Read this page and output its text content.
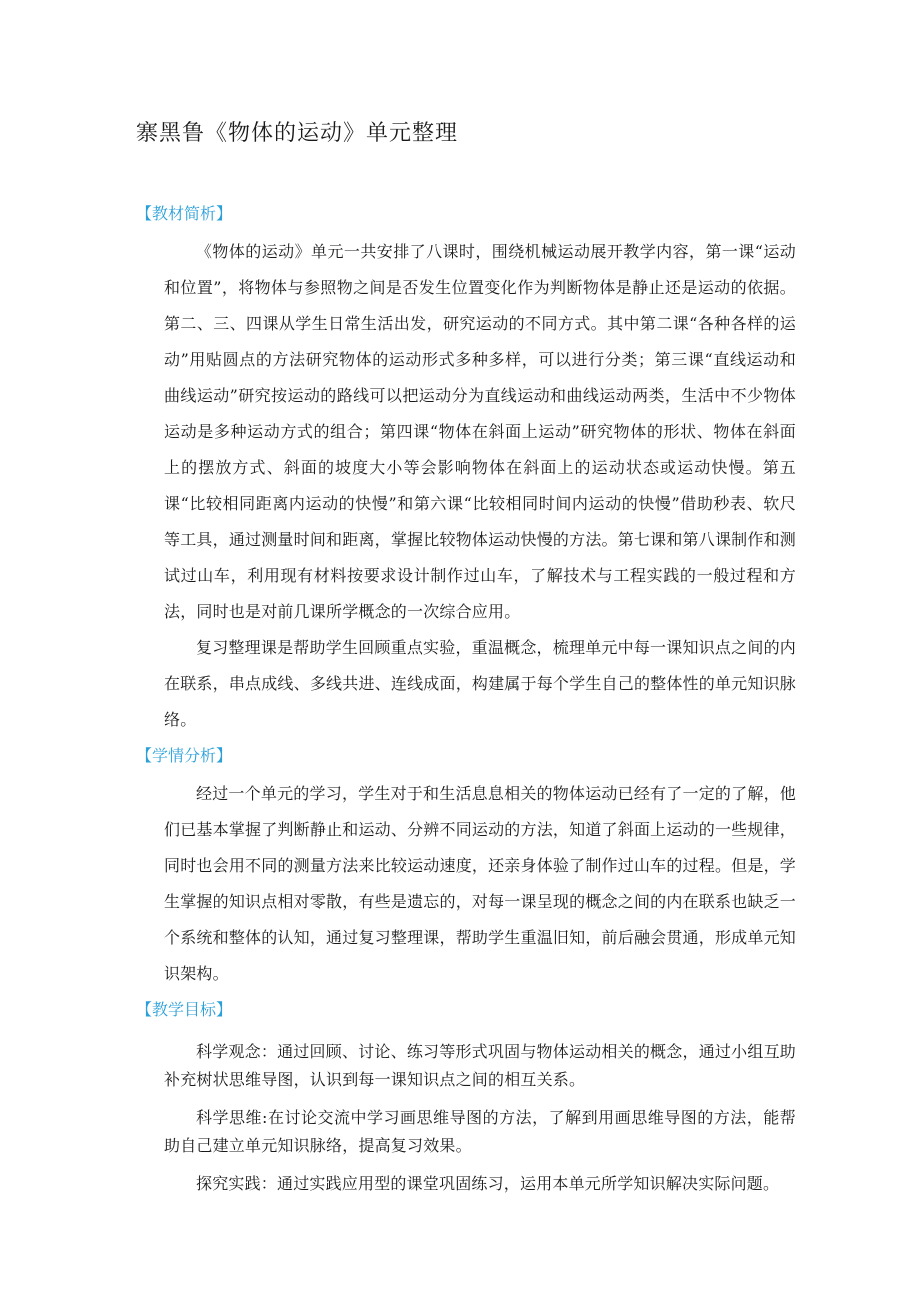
寨黑鲁《物体的运动》单元整理
【教材简析】

《物体的运动》单元一共安排了八课时，围绕机械运动展开教学内容，第一课“运动和位置”，将物体与参照物之间是否发生位置变化作为判断物体是静止还是运动的依据。第二、三、四课从学生日常生活出发，研究运动的不同方式。其中第二课“各种各样的运动”用贴圆点的方法研究物体的运动形式多种多样，可以进行分类；第三课“直线运动和曲线运动”研究按运动的路线可以把运动分为直线运动和曲线运动两类，生活中不少物体运动是多种运动方式的组合；第四课“物体在斜面上运动”研究物体的形状、物体在斜面上的摆放方式、斜面的坡度大小等会影响物体在斜面上的运动状态或运动快慢。第五课“比较相同距离内运动的快慢”和第六课“比较相同时间内运动的快慢”借助秒表、软尺等工具，通过测量时间和距离，掌握比较物体运动快慢的方法。第七课和第八课制作和测试过山车，利用现有材料按要求设计制作过山车，了解技术与工程实践的一般过程和方法，同时也是对前几课所学概念的一次综合应用。

复习整理课是帮助学生回顾重点实验，重温概念，梳理单元中每一课知识点之间的内在联系，串点成线、多线共进、连线成面，构建属于每个学生自己的整体性的单元知识脉络。

【学情分析】

经过一个单元的学习，学生对于和生活息息相关的物体运动已经有了一定的了解，他们已基本掌握了判断静止和运动、分辨不同运动的方法，知道了斜面上运动的一些规律，同时也会用不同的测量方法来比较运动速度，还亲身体验了制作过山车的过程。但是，学生掌握的知识点相对零散，有些是遗忘的，对每一课呈现的概念之间的内在联系也缺乏一个系统和整体的认知，通过复习整理课，帮助学生重温旧知，前后融会贯通，形成单元知识架构。

【教学目标】

科学观念：通过回顾、讨论、练习等形式巩固与物体运动相关的概念，通过小组互助补充树状思维导图，认识到每一课知识点之间的相互关系。

科学思维:在讨论交流中学习画思维导图的方法，了解到用画思维导图的方法，能帮助自己建立单元知识脉络，提高复习效果。

探究实践：通过实践应用型的课堂巩固练习，运用本单元所学知识解决实际问题。
